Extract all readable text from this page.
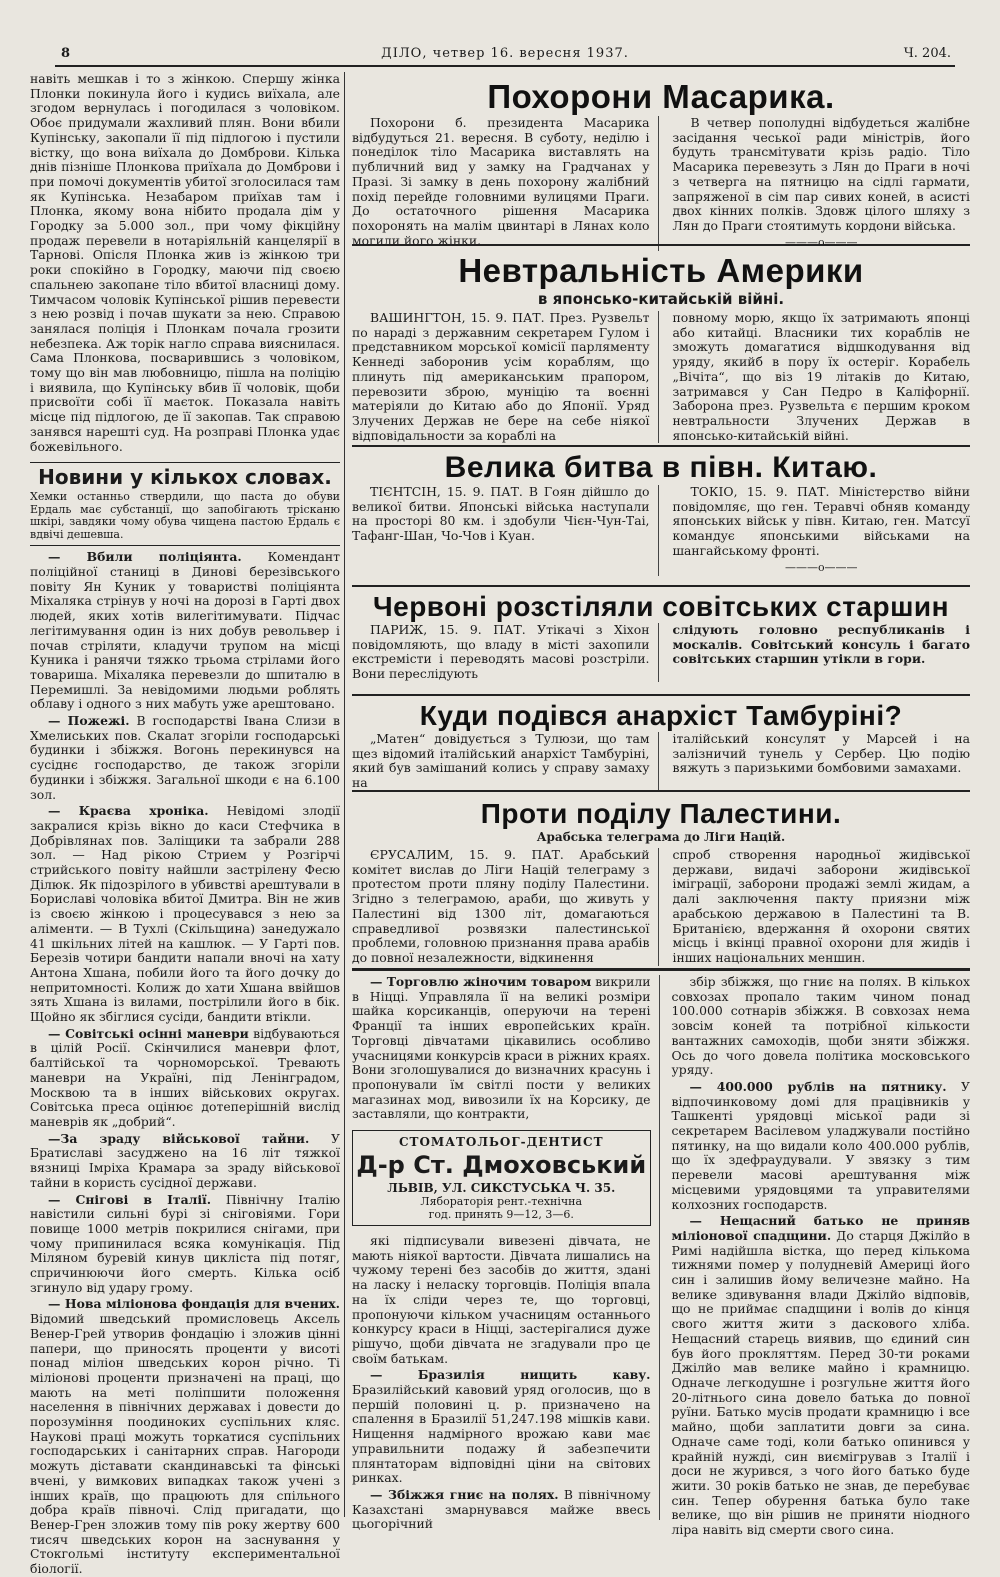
8	ДІЛО, четвер 16. вересня 1937.	Ч. 204.

навіть мешкав і то з жінкою. Спершу жінка Плонки покинула його і кудись виїхала, але згодом вернулась і погодилася з чоловіком. Обоє придумали жахливий плян. Вони вбили Купінську, закопали її під підлогою і пустили вістку, що вона виїхала до Домброви. Кілька днів пізніше Плонкова приїхала до Домброви і при помочі документів убитої зголосилася там як Купінська. Незабаром приїхав там і Плонка, якому вона нібито продала дім у Городку за 5.000 зол., при чому фікційну продаж перевели в нотаріяльній канцелярії в Тарнові. Опісля Плонка жив із жінкою три роки спокійно в Городку, маючи під своєю спальнею закопане тіло вбитої власниці дому. Тимчасом чоловік Купінської рішив перевести з нею розвід і почав шукати за нею. Справою занялася поліція і Плонкам почала грозити небезпека. Аж торік наглo справа вияснилася. Сама Плонкова, посварившись з чоловіком, тому що він мав любовницю, пішла на поліцію і виявила, що Купінську вбив її чоловік, щоби присвоїти собі її маєток. Показала навіть місце під підлогою, де її закопав. Так справою занявся нарешті суд. На розправі Плонка удає божевільного.

Новини у кількох словах.

Хемки останньо ствердили, що паста до обуви Ердаль має субстанції, що запобігають трісканю шкірі, завдяки чому обува чищена пастою Ердаль є вдвічі дешевша.

— Вбили поліціянта. Комендант поліційної станиці в Динові березівського повіту Ян Куник у товаристві поліціянта Міхаляка стрінув у ночі на дорозі в Гарті двох людей, яких хотів вилегітимувати. Підчас легітимування один із них добув револьвер і почав стріляти, кладучи трупом на місці Куника і ранячи тяжко трьома стрілами його товариша. Міхаляка перевезли до шпиталю в Перемишлі. За невідомими людьми роблять облаву і одного з них мабуть уже арештовано.

— Пожежі. В господарстві Івана Слизи в Хмелиських пов. Скалат згоріли господарські будинки і збіжжя. Вогонь перекинувся на сусіднє господарство, де також згоріли будинки і збіжжя. Загальної шкоди є на 6.100 зол.

— Краєва хроніка. Невідомі злодії закралися крізь вікно до каси Стефчика в Добрівлянах пов. Заліщики та забрали 288 зол. — Над рікою Стрием у Розгірчі стрийського повіту найшли застрілену Фесю Ділюк. Як підозрілого в убивстві арештували в Бориславі чоловіка вбитої Дмитра. Він не жив із своєю жінкою і процесувався з нею за аліменти. — В Тухлі (Скільщина) занедужало 41 шкільних літей на кашлюк. — У Гарті пов. Березів чотири бандити напали вночі на хату Антона Хшана, побили його та його дочку до непритомності. Колиж до хати Хшана ввійшов зять Хшана із вилами, пострілили його в бік. Щойно як збіглися сусіди, бандити втікли.

— Совітські осінні маневри відбуваються в цілій Росії. Скінчилися маневри флот, балтійської та чорноморської. Тревають маневри на Україні, під Ленінградом, Москвою та в інших військових округах. Совітська преса оцінює дотеперішній вислід маневрів як „добрий“.

—За зраду військової тайни. У Братиславі засуджено на 16 літ тяжкої вязниці Імріха Крамара за зраду військової тайни в користь сусідної держави.

— Снігові в Італії. Північну Італію навістили сильні бурі зі сніговіями. Гори повище 1000 метрів покрилися снігами, при чому припинилася всяка комунікація. Під Міляном буревій кинув цикліста під потяг, спричинюючи його смерть. Кілька осіб згинуло від удару грому.

— Нова міліонова фондація для вчених. Відомий шведський промисловець Аксель Венер-Грей утворив фондацію і зложив цінні папери, що приносять проценти у висоті понад міліон шведських корон річно. Ті міліонові проценти призначені на праці, що мають на меті поліпшити положення населення в північних державах і довести до порозуміння поодиноких суспільних кляс. Наукові праці можуть торкатися суспільних господарських і санітарних справ. Нагороди можуть діставати скандинавські та фінські вчені, у вимкових випадках також учені з інших країв, що працюють для спільного добра країв півночі. Слід пригадати, що Венер-Грен зложив тому пів року жертву 600 тисяч шведських корон на заснування у Стокгольмі інституту експериментальної біології.

Похорони Масарика.

Похорони б. президента Масарика відбудуться 21. вересня. В суботу, неділю і понеділок тіло Масарика виставлять на публичний вид у замку на Градчанах у Празі. Зі замку в день похорону жалібний похід перейде головними вулицями Праги. До остаточного рішення Масарика похоронять на малім цвинтарі в Лянах коло могили його жінки.

В четвер пополудні відбудеться жалібне засідання чеської ради міністрів, його будуть трансмітувати крізь радіо. Тіло Масарика перевезуть з Лян до Праги в ночі з четверга на пятницю на сідлі гармати, запряженої в сім пар сивих коней, в асисті двох кінних полків. Здовж цілого шляху з Лян до Праги стоятимуть кордони війська.

———o———
Невтральність Америки
в японсько-китайській війні.

ВАШИНГТОН, 15. 9. ПАТ. През. Рузвельт по нараді з державним секретарем Гулом і представником морської комісії парляменту Кеннеді заборонив усім кораблям, що плинуть під американським прапором, перевозити зброю, муніцію та воєнні матеріяли до Китаю або до Японії. Уряд Злучених Держав не бере на себе ніякої відповідальности за кораблі на

повному морю, якщо їх затримають японці або китайці. Власники тих кораблів не зможуть домагатися відшкодування від уряду, якийб в пору їх остеріг. Корабель „Вічіта“, що віз 19 літаків до Китаю, затримався у Сан Педро в Каліфорнії. Заборона през. Рузвельта є першим кроком невтральности Злучених Держав в японсько-китайській війні.

Велика битва в півн. Китаю.

ТІЄНТСІН, 15. 9. ПАТ. В Гоян дійшло до великої битви. Японські війська наступали на просторі 80 км. і здобули Чієн-Чун-Таі, Тафанг-Шан, Чо-Чов і Куан.

ТОКІО, 15. 9. ПАТ. Міністерство війни повідомляє, що ген. Теравчі обняв команду японських військ у півн. Китаю, ген. Матсуї командує японськими військами на шангайському фронті.

———o———
Червоні розстіляли совітських старшин

ПАРИЖ, 15. 9. ПАТ. Утікачі з Хіхон повідомляють, що владу в місті захопили екстремісти і переводять масові розстріли. Вони переслідують

слідують головно республиканів і москалів. Совітський консуль і багато совітських старшин утікли в гори.

Куди подівся анархіст Тамбуріні?

„Матен“ довідується з Тулюзи, що там щез відомий італійський анархіст Тамбуріні, який був замішаний колись у справу замаху на

італійський консулят у Марсей і на залізничий тунель у Сербер. Цю подію вяжуть з паризькими бомбовими замахами.

Проти поділу Палестини.
Арабська телеграма до Ліги Націй.

ЄРУСАЛИМ, 15. 9. ПАТ. Арабський комітет вислав до Ліги Націй телеграму з протестом проти пляну поділу Палестини. Згідно з телеграмою, араби, що живуть у Палестині від 1300 літ, домагаються справедливої розвязки палестинської проблеми, головною признання права арабів до повної незалежности, відкинення

спроб створення народньої жидівської держави, видачі заборони жидівської іміграції, заборони продажі землі жидам, а далі заключення пакту приязни між арабською державою в Палестині та В. Британією, вдержання й охорони святих місць і вкінці правної охорони для жидів і інших національних меншин.

— Торговлю жіночим товаром викрили в Ніцці. Управляла її на великі розміри шайка корсиканців, оперуючи на терені Франції та інших европейських країн. Торговці дівчатами цікавились особливо учасницями конкурсів краси в ріжних краях. Вони зголошувалися до визначних красунь і пропонували їм світлі пости у великих магазинах мод, вивозили їх на Корсику, де заставляли, що контракти,

СТОМАТОЛЬОГ-ДЕНТИСТ
Д-р Ст. Дмоховський
ЛЬВІВ, УЛ. СИКСТУСЬКА Ч. 35.
Лябораторія рент.-технічна
год. принять 9—12, 3—6.

які підписували вивезені дівчата, не мають ніякої вартости. Дівчата лишались на чужому терені без засобів до життя, здані на ласку і неласку торговців. Поліція впала на їх сліди через те, що торговці, пропонуючи кільком учасницям останнього конкурсу краси в Ніцці, застерігалися дуже рішучо, щоби дівчата не згадували про це своїм батькам.

— Бразилія нищить каву. Бразилійський кавовий уряд оголосив, що в першій половині ц. р. призначено на спалення в Бразилії 51,247.198 мішків кави. Нищення надмірного врожаю кави має управильнити подажу й забезпечити плянтаторам відповідні ціни на світових ринках.

— Збіжжя гниє на полях. В північному Казахстані змарнувався майже ввесь цьогорічний

збір збіжжя, що гниє на полях. В кількох совхозах пропало таким чином понад 100.000 сотнарів збіжжя. В совхозах нема зовсім коней та потрібної кількости вантажних самоходів, щоби зняти збіжжя. Ось до чого довела політика московського уряду.

— 400.000 рублів на пятнику. У відпочинковому домі для працівників у Ташкенті урядовці міської ради зі секретарем Васілевом уладжували постійно пятинку, на що видали коло 400.000 рублів, що їх здефраудували. У звязку з тим перевели масові арештування між місцевими урядовцями та управителями колхозних господарств.

— Нещасний батько не приняв міліонової спадщини. До старця Джілйо в Римі надійшла вістка, що перед кількома тижнями помер у полудневій Америці його син і залишив йому величезне майно. На велике здивування влади Джілйо відповів, що не приймає спадщини і волів до кінця свого життя жити з даскового хліба. Нещасний старець виявив, що єдиний син був його прокляттям. Перед 30-ти роками Джілйо мав велике майно і крамницю. Одначе легкодушне і розгульне життя його 20-літнього сина довело батька до повної руїни. Батько мусів продати крамницю і все майно, щоби заплатити довги за сина. Одначе саме тоді, коли батько опинився у крайній нужді, син виємігрував з Італії і доси не журився, з чого його батько буде жити. 30 років батько не знав, де перебуває син. Тепер обурення батька було таке велике, що він рішив не приняти ніодного ліра навіть від смерти свого сина.
